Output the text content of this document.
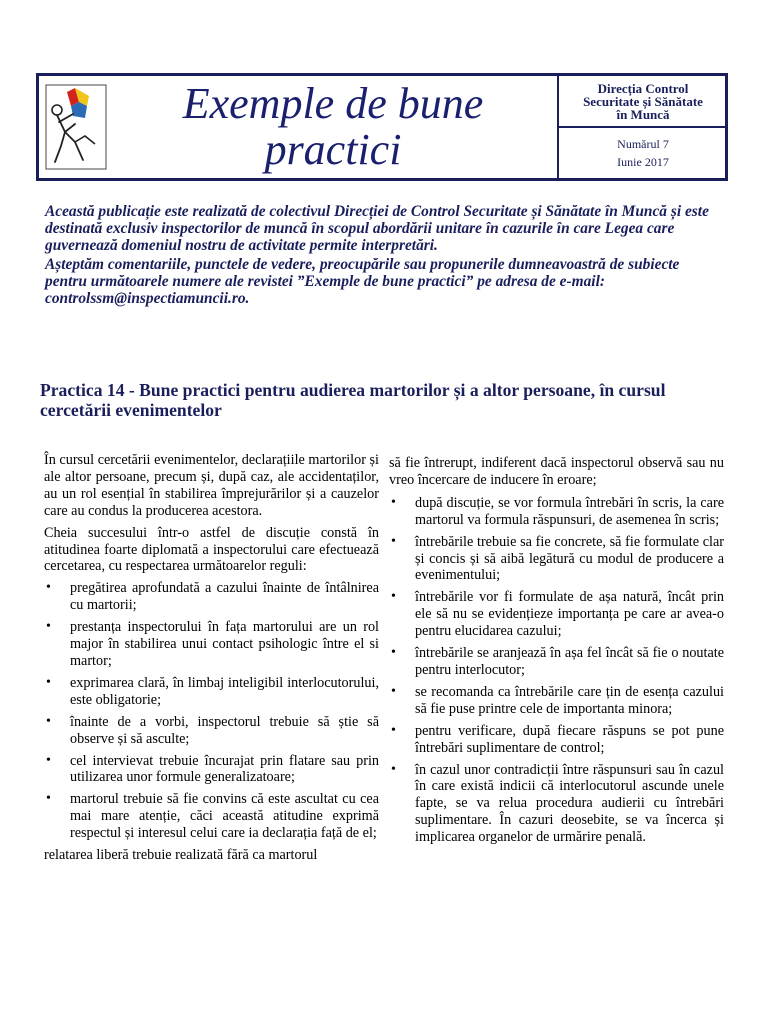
Exemple de bune
practici
Direcția Control
Securitate și Sănătate
în Muncă
Numărul 7
Iunie 2017

Această publicație este realizată de colectivul Direcției de Control Securitate și Sănătate în Muncă și este destinată exclusiv inspectorilor de muncă în scopul abordării unitare în cazurile în care Legea care guvernează domeniul nostru de activitate permite interpretări.

Așteptăm comentariile, punctele de vedere, preocupările sau propunerile dumneavoastră de subiecte pentru următoarele numere ale revistei ”Exemple de bune practici” pe adresa de e-mail: controlssm@inspectiamuncii.ro.

Practica 14 - Bune practici pentru audierea martorilor și a altor persoane, în cursul cercetării evenimentelor

În cursul cercetării evenimentelor, declarațiile martorilor și ale altor persoane, precum și, după caz, ale accidentaților, au un rol esențial în stabilirea împrejurărilor și a cauzelor care au condus la producerea acestora.

Cheia succesului într-o astfel de discuție constă în atitudinea foarte diplomată a inspectorului care efectuează cercetarea, cu respectarea următoarelor reguli:

• pregătirea aprofundată a cazului înainte de întâlnirea cu martorii;
• prestanța inspectorului în fața martorului are un rol major în stabilirea unui contact psihologic între el si martor;
• exprimarea clară, în limbaj inteligibil interlocutorului, este obligatorie;
• înainte de a vorbi, inspectorul trebuie să știe să observe și să asculte;
• cel intervievat trebuie încurajat prin flatare sau prin utilizarea unor formule generalizatoare;
• martorul trebuie să fie convins că este ascultat cu cea mai mare atenție, căci această atitudine exprimă respectul și interesul celui care ia declarația față de el;

relatarea liberă trebuie realizată fără ca martorul

să fie întrerupt, indiferent dacă inspectorul observă sau nu vreo încercare de inducere în eroare;

• după discuție, se vor formula întrebări în scris, la care martorul va formula răspunsuri, de asemenea în scris;
• întrebările trebuie sa fie concrete, să fie formulate clar și concis și să aibă legătură cu modul de producere a evenimentului;
• întrebările vor fi formulate de așa natură, încât prin ele să nu se evidențieze importanța pe care ar avea-o pentru elucidarea cazului;
• întrebările se aranjează în așa fel încât să fie o noutate pentru interlocutor;
• se recomanda ca întrebările care țin de esența cazului să fie puse printre cele de importanta minora;
• pentru verificare, după fiecare răspuns se pot pune întrebări suplimentare de control;
• în cazul unor contradicții între răspunsuri sau în cazul în care există indicii că interlocutorul ascunde unele fapte, se va relua procedura audierii cu întrebări suplimentare. În cazuri deosebite, se va încerca și implicarea organelor de urmărire penală.
